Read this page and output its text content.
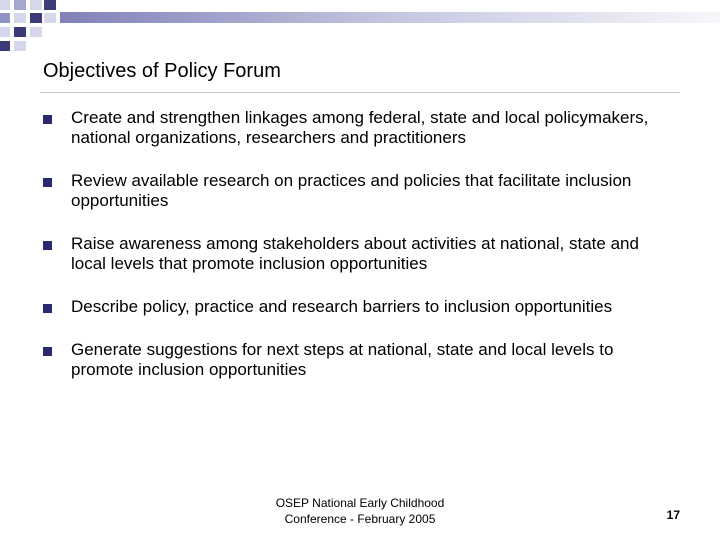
Objectives of Policy Forum
Create and strengthen linkages among federal, state and local policymakers, national organizations, researchers and practitioners
Review available research on practices and policies that facilitate inclusion opportunities
Raise awareness among stakeholders about activities at national, state and local levels that promote inclusion opportunities
Describe policy, practice and research barriers to inclusion opportunities
Generate suggestions for next steps at national, state and local levels to promote inclusion opportunities
OSEP National Early Childhood
Conference - February 2005	17
